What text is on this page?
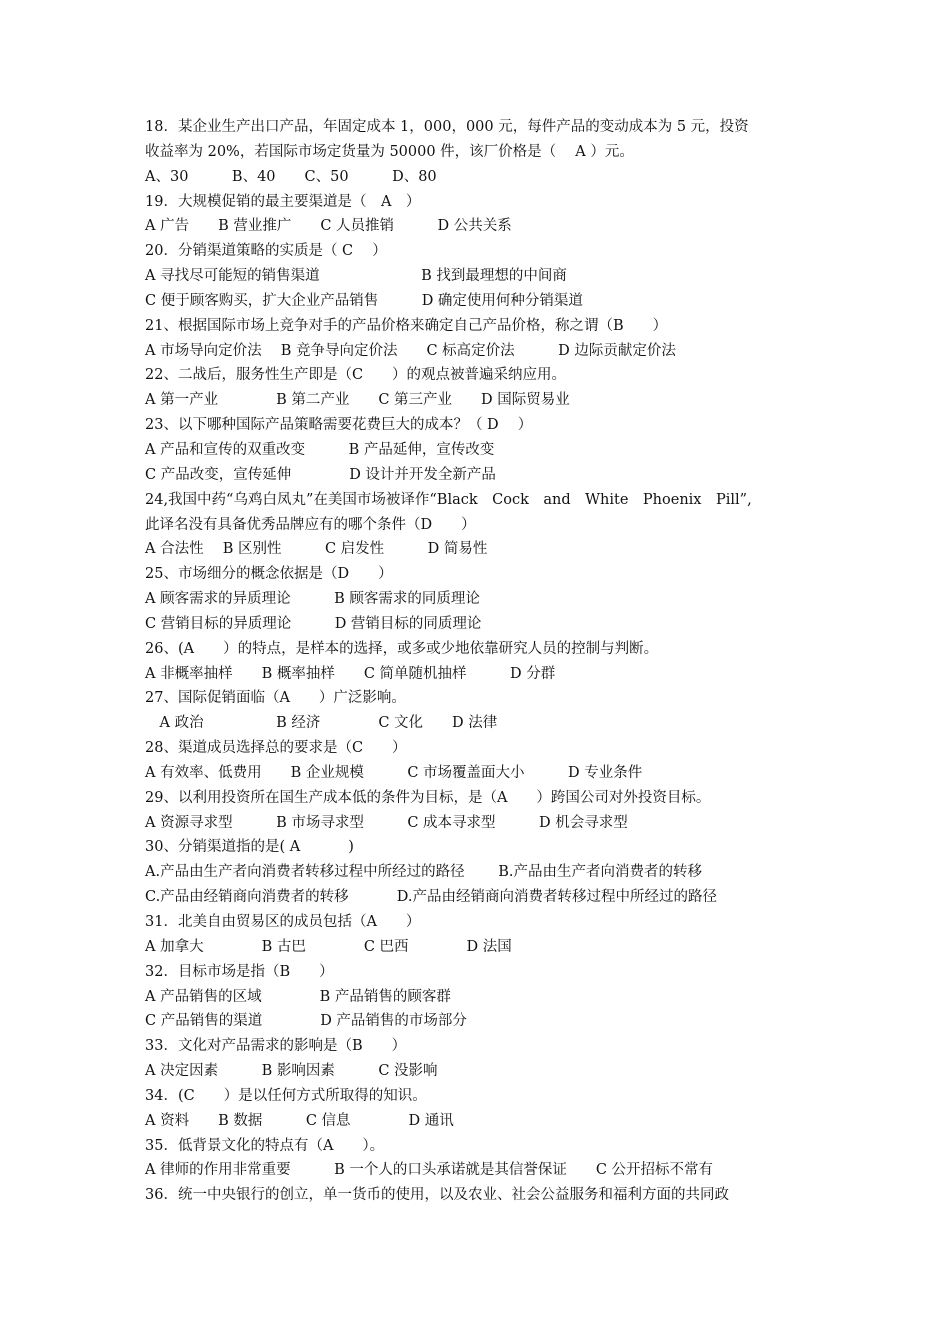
18．某企业生产出口产品，年固定成本 1，000，000 元，每件产品的变动成本为 5 元，投资
收益率为 20%，若国际市场定货量为 50000 件，该厂价格是（　 A ）元。
A、30　　　B、40　　C、50　　　D、80
19．大规模促销的最主要渠道是（　A　）
A 广告　　B 营业推广　　C 人员推销　　　D 公共关系
20．分销渠道策略的实质是（ C　 ）
A 寻找尽可能短的销售渠道　　　　　　　B 找到最理想的中间商
C 便于顾客购买，扩大企业产品销售　　　D 确定使用何种分销渠道
21、根据国际市场上竞争对手的产品价格来确定自己产品价格，称之谓（B　　）
A 市场导向定价法　 B 竞争导向定价法　　C 标高定价法　　　D 边际贡献定价法
22、二战后，服务性生产即是（C　　）的观点被普遍采纳应用。
A 第一产业　　　　B 第二产业　　C 第三产业　　D 国际贸易业
23、以下哪种国际产品策略需要花费巨大的成本？（ D　 ）
A 产品和宣传的双重改变　　　B 产品延伸，宣传改变
C 产品改变，宣传延伸　　　　D 设计并开发全新产品
24,我国中药“乌鸡白凤丸”在美国市场被译作“Black　Cock　and　White　Phoenix　Pill”,
此译名没有具备优秀品牌应有的哪个条件（D　　）
A 合法性　 B 区别性　　　C 启发性　　　D 简易性
25、市场细分的概念依据是（D　　）
A 顾客需求的异质理论　　　B 顾客需求的同质理论
C 营销目标的异质理论　　　D 营销目标的同质理论
26、(A　　）的特点，是样本的选择，或多或少地依靠研究人员的控制与判断。
A 非概率抽样　　B 概率抽样　　C 简单随机抽样　　　D 分群
27、国际促销面临（A　　）广泛影响。
　A 政治　　　　　B 经济　　　　C 文化　　D 法律
28、渠道成员选择总的要求是（C　　）
A 有效率、低费用　　B 企业规模　　　C 市场覆盖面大小　　　D 专业条件
29、以利用投资所在国生产成本低的条件为目标，是（A　　）跨国公司对外投资目标。
A 资源寻求型　　　B 市场寻求型　　　C 成本寻求型　　　D 机会寻求型
30、分销渠道指的是( A　　　 )
A.产品由生产者向消费者转移过程中所经过的路径　　 B.产品由生产者向消费者的转移
C.产品由经销商向消费者的转移　　　 D.产品由经销商向消费者转移过程中所经过的路径
31．北美自由贸易区的成员包括（A　　）
A 加拿大　　　　B 古巴　　　　C 巴西　　　　D 法国
32．目标市场是指（B　　）
A 产品销售的区域　　　　B 产品销售的顾客群
C 产品销售的渠道　　　　D 产品销售的市场部分
33．文化对产品需求的影响是（B　　）
A 决定因素　　　B 影响因素　　　C 没影响
34．(C　　）是以任何方式所取得的知识。
A 资料　　B 数据　　　C 信息　　　　D 通讯
35．低背景文化的特点有（A　　）。
A 律师的作用非常重要　　　B 一个人的口头承诺就是其信誉保证　　C 公开招标不常有
36．统一中央银行的创立，单一货币的使用，以及农业、社会公益服务和福利方面的共同政
